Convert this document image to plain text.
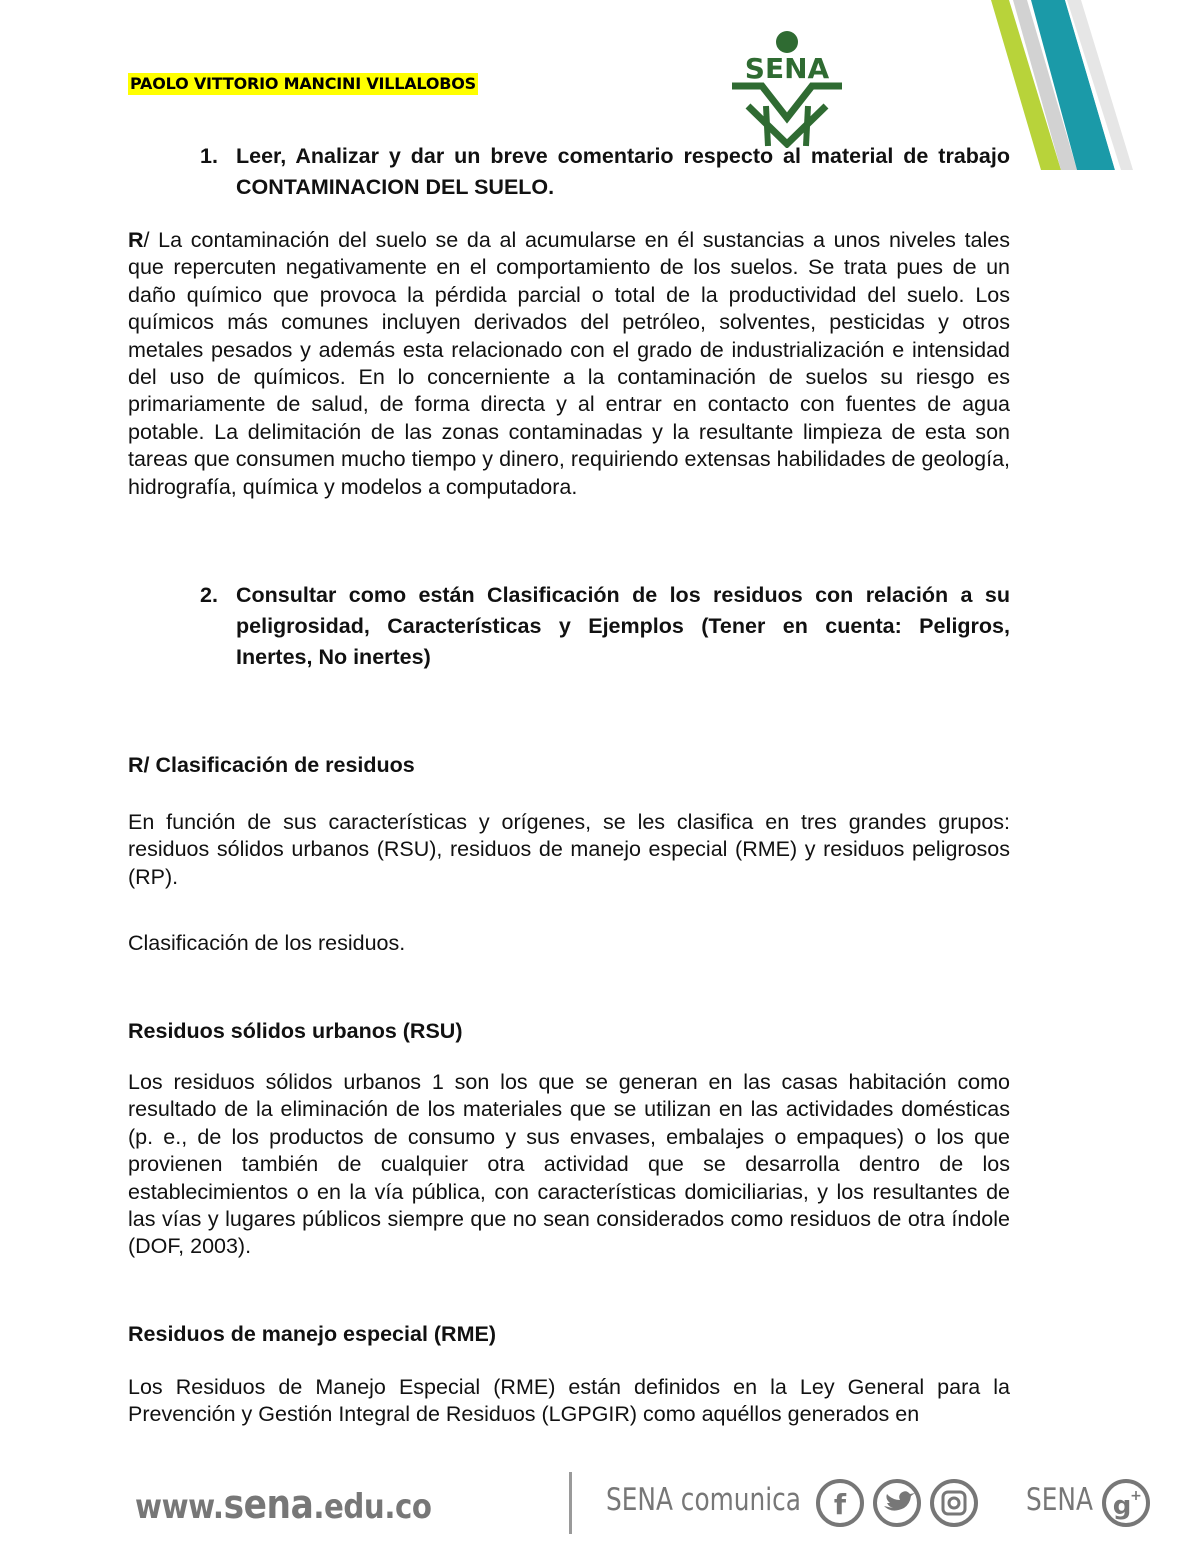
PAOLO VITTORIO MANCINI VILLALOBOS	SENA
1. Leer, Analizar y dar un breve comentario respecto al material de trabajo CONTAMINACION DEL SUELO.
R/ La contaminación del suelo se da al acumularse en él sustancias a unos niveles tales que repercuten negativamente en el comportamiento de los suelos. Se trata pues de un daño químico que provoca la pérdida parcial o total de la productividad del suelo. Los químicos más comunes incluyen derivados del petróleo, solventes, pesticidas y otros metales pesados y además esta relacionado con el grado de industrialización e intensidad del uso de químicos. En lo concerniente a la contaminación de suelos su riesgo es primariamente de salud, de forma directa y al entrar en contacto con fuentes de agua potable. La delimitación de las zonas contaminadas y la resultante limpieza de esta son tareas que consumen mucho tiempo y dinero, requiriendo extensas habilidades de geología, hidrografía, química y modelos a computadora.
2. Consultar como están Clasificación de los residuos con relación a su peligrosidad, Características y Ejemplos (Tener en cuenta: Peligros, Inertes, No inertes)
R/ Clasificación de residuos
En función de sus características y orígenes, se les clasifica en tres grandes grupos: residuos sólidos urbanos (RSU), residuos de manejo especial (RME) y residuos peligrosos (RP).
Clasificación de los residuos.
Residuos sólidos urbanos (RSU)
Los residuos sólidos urbanos 1 son los que se generan en las casas habitación como resultado de la eliminación de los materiales que se utilizan en las actividades domésticas (p. e., de los productos de consumo y sus envases, embalajes o empaques) o los que provienen también de cualquier otra actividad que se desarrolla dentro de los establecimientos o en la vía pública, con características domiciliarias, y los resultantes de las vías y lugares públicos siempre que no sean considerados como residuos de otra índole (DOF, 2003).
Residuos de manejo especial (RME)
Los Residuos de Manejo Especial (RME) están definidos en la Ley General para la Prevención y Gestión Integral de Residuos (LGPGIR) como aquéllos generados en
www.sena.edu.co	SENA comunica f	SENA g
+
